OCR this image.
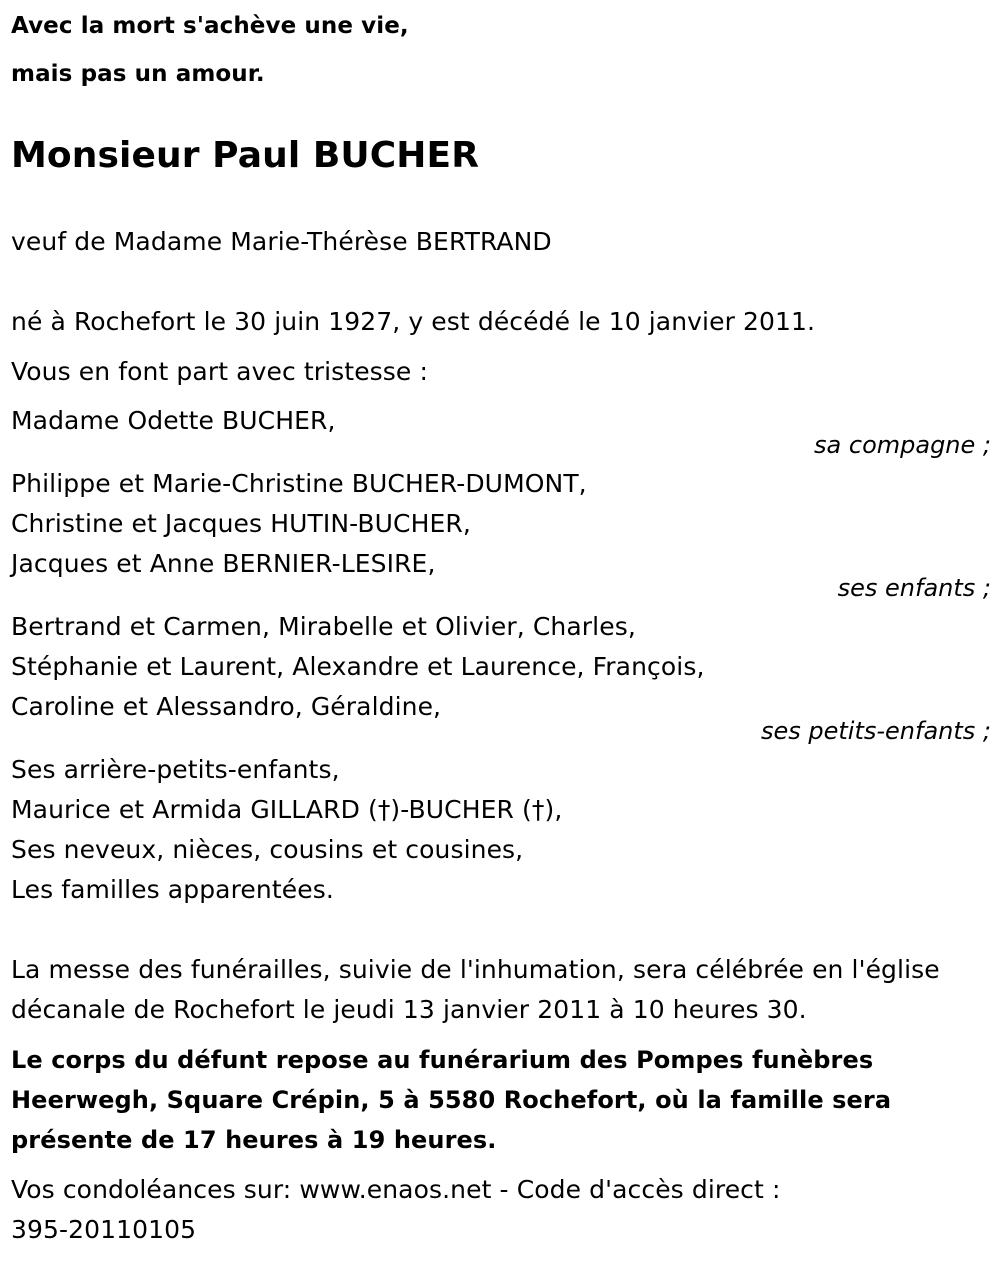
Avec la mort s'achève une vie,
mais pas un amour.
Monsieur Paul BUCHER
veuf de Madame Marie-Thérèse BERTRAND
né à Rochefort le 30 juin 1927, y est décédé le 10 janvier 2011.
Vous en font part avec tristesse :
Madame Odette BUCHER,
sa compagne ;
Philippe et Marie-Christine BUCHER-DUMONT,
Christine et Jacques HUTIN-BUCHER,
Jacques et Anne BERNIER-LESIRE,
ses enfants ;
Bertrand et Carmen, Mirabelle et Olivier, Charles,
Stéphanie et Laurent, Alexandre et Laurence, François,
Caroline et Alessandro, Géraldine,
ses petits-enfants ;
Ses arrière-petits-enfants,
Maurice et Armida GILLARD (†)-BUCHER (†),
Ses neveux, nièces, cousins et cousines,
Les familles apparentées.
La messe des funérailles, suivie de l'inhumation, sera célébrée en l'église
décanale de Rochefort le jeudi 13 janvier 2011 à 10 heures 30.
Le corps du défunt repose au funérarium des Pompes funèbres
Heerwegh, Square Crépin, 5 à 5580 Rochefort, où la famille sera
présente de 17 heures à 19 heures.
Vos condoléances sur: www.enaos.net - Code d'accès direct :
395-20110105
